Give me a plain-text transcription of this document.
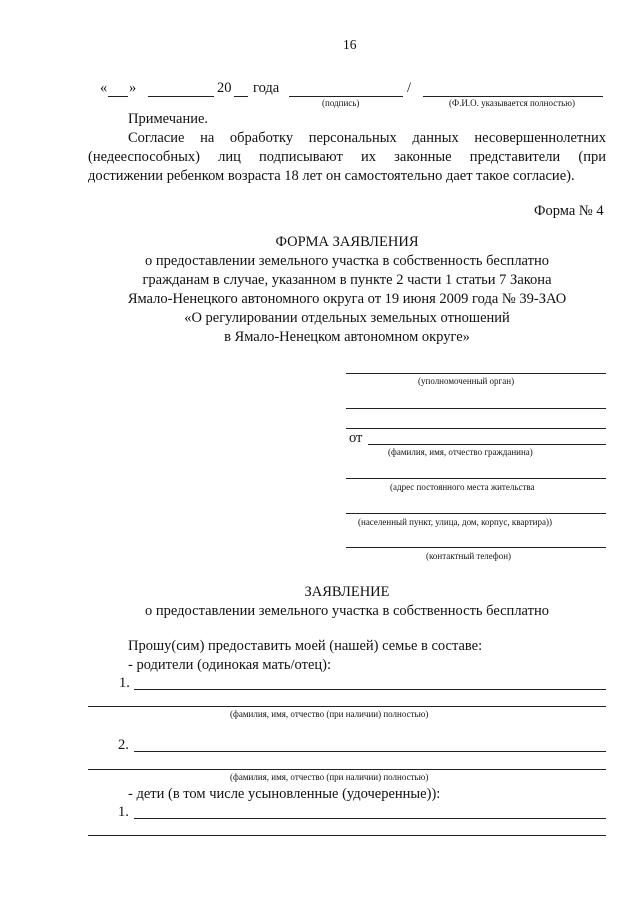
16
« »	20 года	/
(подпись)	(Ф.И.О. указывается полностью)
Примечание.
Согласие на обработку персональных данных несовершеннолетних
(недееспособных) лиц подписывают их законные представители (при
достижении ребенком возраста 18 лет он самостоятельно дает такое согласие).
Форма № 4
ФОРМА ЗАЯВЛЕНИЯ
о предоставлении земельного участка в собственность бесплатно
гражданам в случае, указанном в пункте 2 части 1 статьи 7 Закона
Ямало-Ненецкого автономного округа от 19 июня 2009 года № 39-ЗАО
«О регулировании отдельных земельных отношений
в Ямало-Ненецком автономном округе»
(уполномоченный орган)
от
(фамилия, имя, отчество гражданина)
(адрес постоянного места жительства
(населенный пункт, улица, дом, корпус, квартира))
(контактный телефон)
ЗАЯВЛЕНИЕ
о предоставлении земельного участка в собственность бесплатно
Прошу(сим) предоставить моей (нашей) семье в составе:
- родители (одинокая мать/отец):
1.
(фамилия, имя, отчество (при наличии) полностью)
2.
(фамилия, имя, отчество (при наличии) полностью)
- дети (в том числе усыновленные (удочеренные)):
1.
